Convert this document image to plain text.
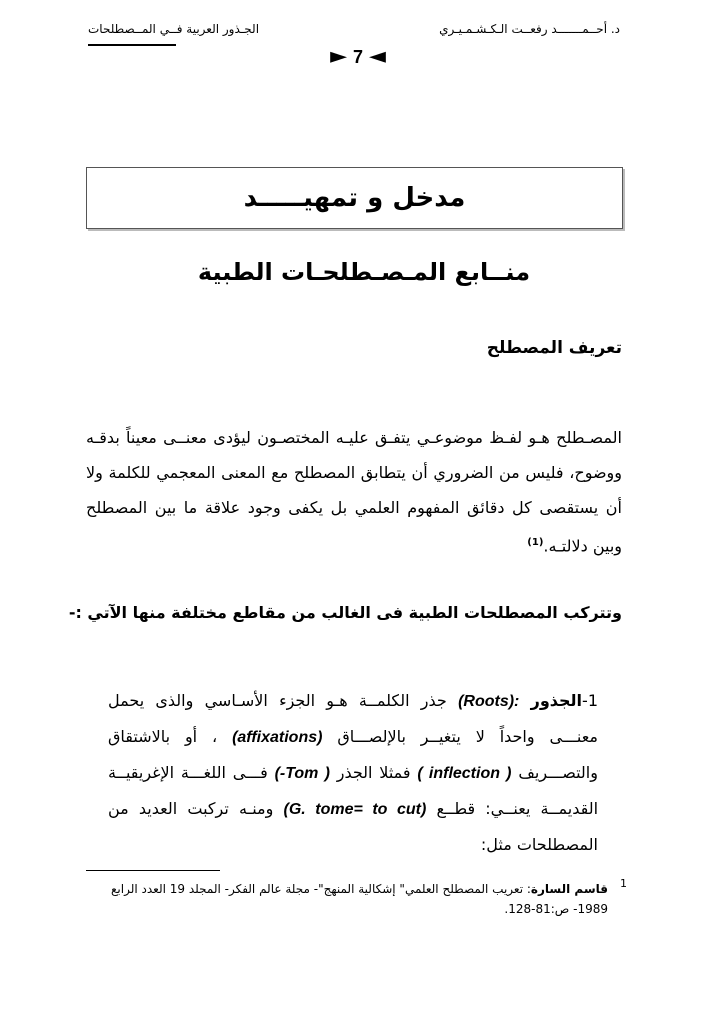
الجـذور العربية فــي المــصطلحات	د. أحــمـــــــد رفعــت الـكـشـمـيـري
► 7 ◄
مدخل و تمهيـــــد
منــابع المـصـطلحـات الطبية
تعريف المصطلح
المصـطلح هـو لفـظ موضوعـي يتفـق عليـه المختصـون ليؤدى معنــى معيناً بدقـه ووضوح، فليس من الضروري أن يتطابق المصطلح مع المعنى المعجمي للكلمة ولا أن يستقصى كل دقائق المفهوم العلمي بل يكفى وجود علاقة ما بين المصطلح وبين دلالتـه.$^{(1)}$
وتتركب المصطلحات الطبية فى الغالب من مقاطع مختلفة منها الآتي :-
1-الجذور (Roots): جذر الكلمــة هـو الجزء الأسـاسي والذى يحمل معنـــى واحداً لا يتغيــر بالإلصـــاق (affixations) ، أو بالاشتقاق والتصـــريف ( inflection ) فمثلا الجذر (-Tom ) فـــى اللغـــة الإغريقيــة القديمــة يعنــي: قطــع (G. tome= to cut) ومنـه تركبت العديد من المصطلحات مثل:
1
قاسم السارة: تعريب المصطلح العلمي" إشكالية المنهج"- مجلة عالم الفكر- المجلد 19 العدد الرابع 1989- ص:81-128.
